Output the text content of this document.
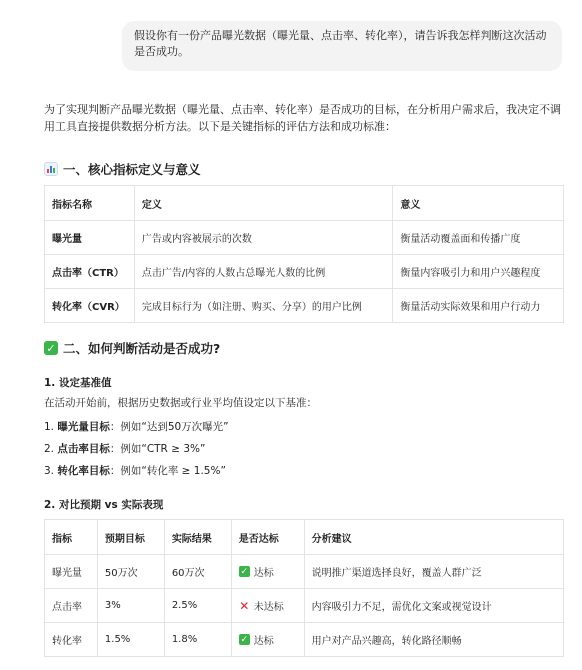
假设你有一份产品曝光数据（曝光量、点击率、转化率），请告诉我怎样判断这次活动是否成功。
为了实现判断产品曝光数据（曝光量、点击率、转化率）是否成功的目标，在分析用户需求后，我决定不调用工具直接提供数据分析方法。以下是关键指标的评估方法和成功标准：
一、核心指标定义与意义
指标名称	定义	意义
曝光量	广告或内容被展示的次数	衡量活动覆盖面和传播广度
点击率（CTR）	点击广告/内容的人数占总曝光人数的比例	衡量内容吸引力和用户兴趣程度
转化率（CVR）	完成目标行为（如注册、购买、分享）的用户比例	衡量活动实际效果和用户行动力
✓ 二、如何判断活动是否成功?
1. 设定基准值
在活动开始前，根据历史数据或行业平均值设定以下基准：
1. 曝光量目标：例如“达到50万次曝光”
2. 点击率目标：例如“CTR ≥ 3%”
3. 转化率目标：例如“转化率 ≥ 1.5%”
2. 对比预期 vs 实际表现
指标	预期目标	实际结果	是否达标	分析建议
曝光量	50万次	60万次	✓ 达标	说明推广渠道选择良好，覆盖人群广泛
点击率	3%	2.5%	✕ 未达标	内容吸引力不足，需优化文案或视觉设计
转化率	1.5%	1.8%	✓ 达标	用户对产品兴趣高，转化路径顺畅
